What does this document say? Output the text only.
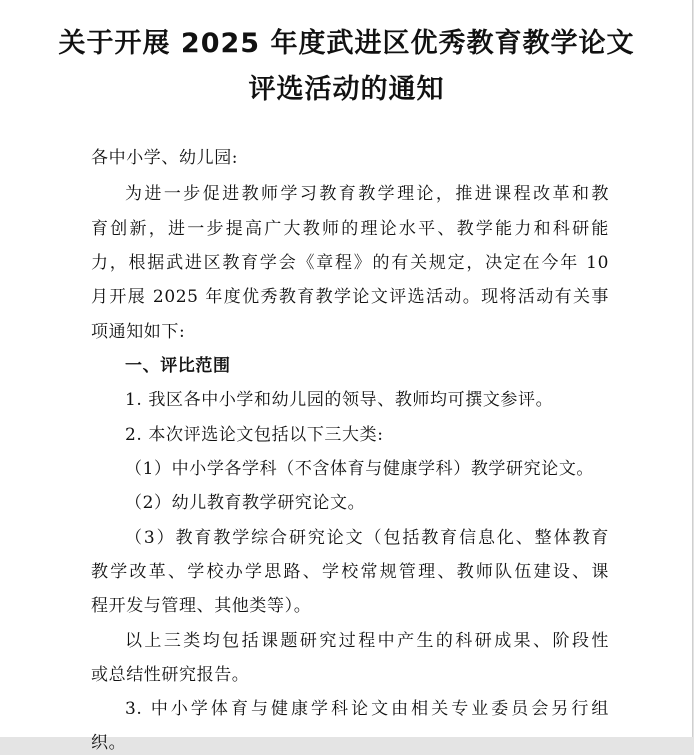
关于开展 2025 年度武进区优秀教育教学论文
评选活动的通知
各中小学、幼儿园:
为进一步促进教师学习教育教学理论，推进课程改革和教
育创新，进一步提高广大教师的理论水平、教学能力和科研能
力，根据武进区教育学会《章程》的有关规定，决定在今年 10
月开展 2025 年度优秀教育教学论文评选活动。现将活动有关事
项通知如下:
一、评比范围
1. 我区各中小学和幼儿园的领导、教师均可撰文参评。
2. 本次评选论文包括以下三大类:
（1）中小学各学科（不含体育与健康学科）教学研究论文。
（2）幼儿教育教学研究论文。
（3）教育教学综合研究论文（包括教育信息化、整体教育
教学改革、学校办学思路、学校常规管理、教师队伍建设、课
程开发与管理、其他类等）。
以上三类均包括课题研究过程中产生的科研成果、阶段性
或总结性研究报告。
3. 中小学体育与健康学科论文由相关专业委员会另行组
织。
